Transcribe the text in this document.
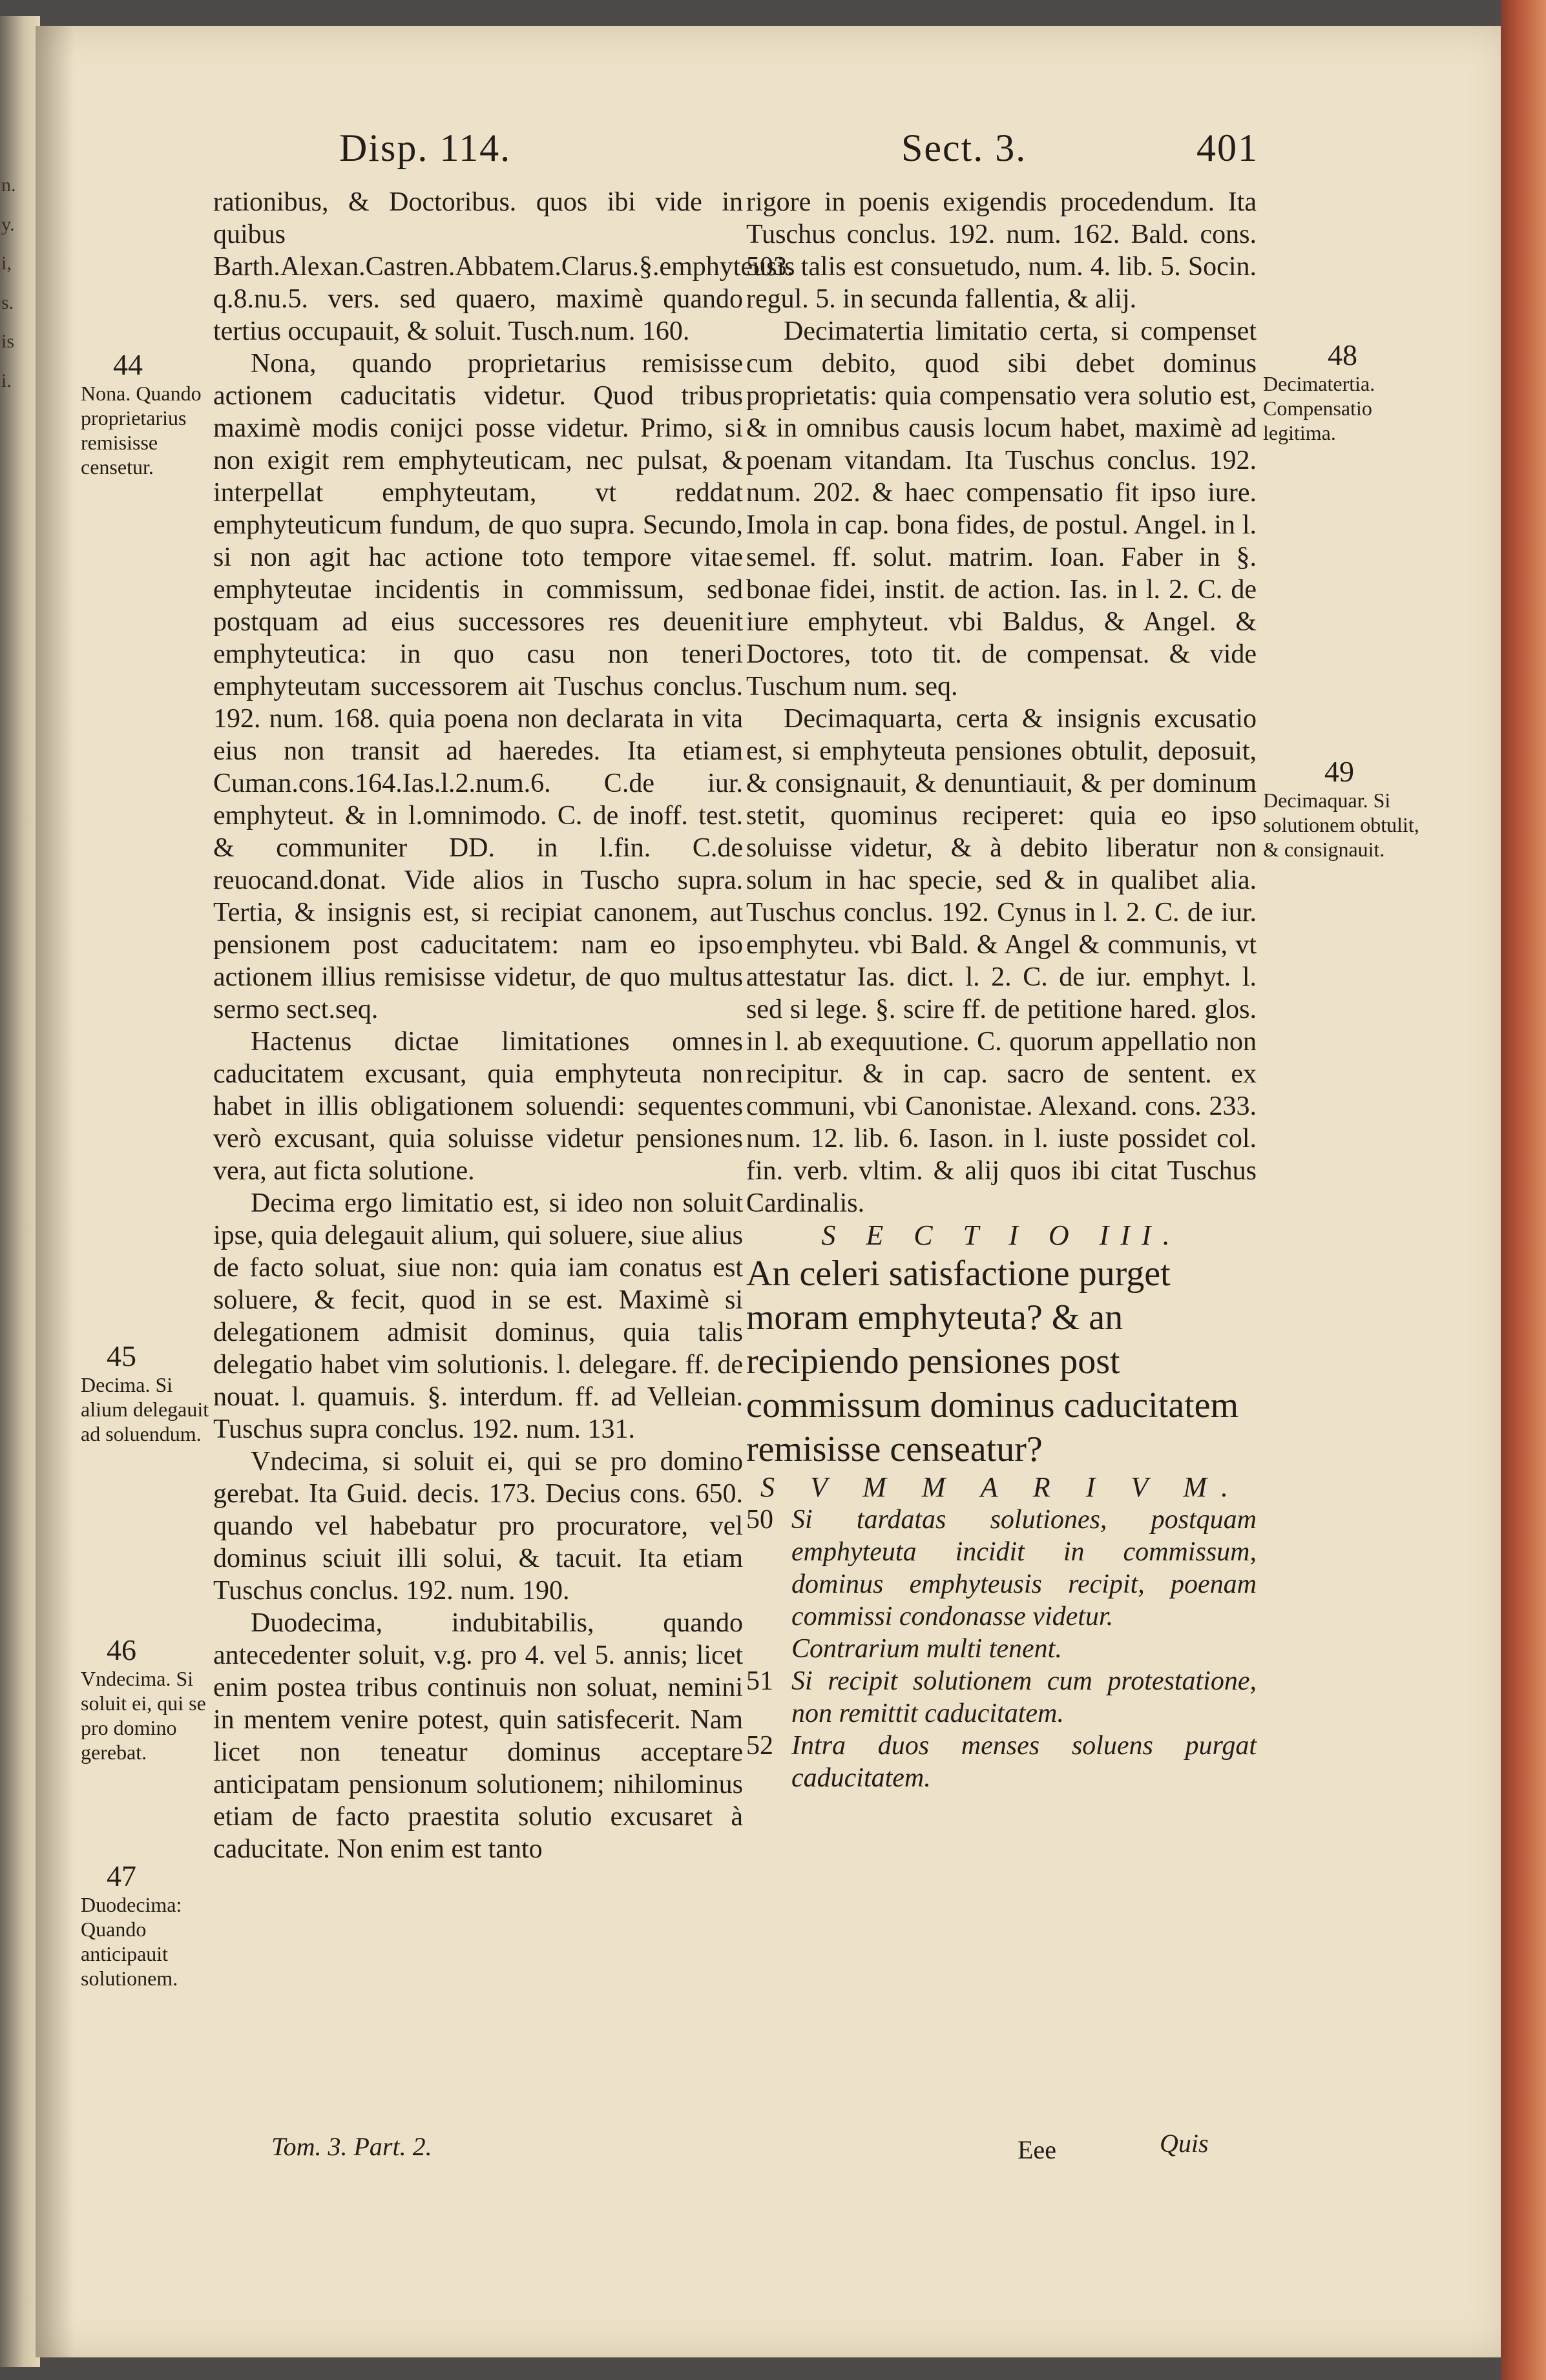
n.
y.
i,
s.
is
i.
Disp. 114.	Sect. 3.	401

rationibus, & Doctoribus. quos ibi vide in quibus Barth.Alexan.Castren.Abbatem.Clarus.§.emphyteusis q.8.nu.5. vers. sed quaero, maximè quando tertius occupauit, & soluit. Tusch.num. 160.

Nona, quando proprietarius remisisse actionem caducitatis videtur. Quod tribus maximè modis conijci posse videtur. Primo, si non exigit rem emphyteuticam, nec pulsat, & interpellat emphyteutam, vt reddat emphyteuticum fundum, de quo supra. Secundo, si non agit hac actione toto tempore vitae emphyteutae incidentis in commissum, sed postquam ad eius successores res deuenit emphyteutica: in quo casu non teneri emphyteutam successorem ait Tuschus conclus. 192. num. 168. quia poena non declarata in vita eius non transit ad haeredes. Ita etiam Cuman.cons.164.Ias.l.2.num.6. C.de iur. emphyteut. & in l.omnimodo. C. de inoff. test. & communiter DD. in l.fin. C.de reuocand.donat. Vide alios in Tuscho supra. Tertia, & insignis est, si recipiat canonem, aut pensionem post caducitatem: nam eo ipso actionem illius remisisse videtur, de quo multus sermo sect.seq.

Hactenus dictae limitationes omnes caducitatem excusant, quia emphyteuta non habet in illis obligationem soluendi: sequentes verò excusant, quia soluisse videtur pensiones vera, aut ficta solutione.

Decima ergo limitatio est, si ideo non soluit ipse, quia delegauit alium, qui soluere, siue alius de facto soluat, siue non: quia iam conatus est soluere, & fecit, quod in se est. Maximè si delegationem admisit dominus, quia talis delegatio habet vim solutionis. l. delegare. ff. de nouat. l. quamuis. §. interdum. ff. ad Velleian. Tuschus supra conclus. 192. num. 131.

Vndecima, si soluit ei, qui se pro domino gerebat. Ita Guid. decis. 173. Decius cons. 650. quando vel habebatur pro procuratore, vel dominus sciuit illi solui, & tacuit. Ita etiam Tuschus conclus. 192. num. 190.

Duodecima, indubitabilis, quando antecedenter soluit, v.g. pro 4. vel 5. annis; licet enim postea tribus continuis non soluat, nemini in mentem venire potest, quin satisfecerit. Nam licet non teneatur dominus acceptare anticipatam pensionum solutionem; nihilominus etiam de facto praestita solutio excusaret à caducitate. Non enim est tanto

rigore in poenis exigendis procedendum. Ita Tuschus conclus. 192. num. 162. Bald. cons. 503. talis est consuetudo, num. 4. lib. 5. Socin. regul. 5. in secunda fallentia, & alij.

Decimatertia limitatio certa, si compenset cum debito, quod sibi debet dominus proprietatis: quia compensatio vera solutio est, & in omnibus causis locum habet, maximè ad poenam vitandam. Ita Tuschus conclus. 192. num. 202. & haec compensatio fit ipso iure. Imola in cap. bona fides, de postul. Angel. in l. semel. ff. solut. matrim. Ioan. Faber in §. bonae fidei, instit. de action. Ias. in l. 2. C. de iure emphyteut. vbi Baldus, & Angel. & Doctores, toto tit. de compensat. & vide Tuschum num. seq.

Decimaquarta, certa & insignis excusatio est, si emphyteuta pensiones obtulit, deposuit, & consignauit, & denuntiauit, & per dominum stetit, quominus reciperet: quia eo ipso soluisse videtur, & à debito liberatur non solum in hac specie, sed & in qualibet alia. Tuschus conclus. 192. Cynus in l. 2. C. de iur. emphyteu. vbi Bald. & Angel & communis, vt attestatur Ias. dict. l. 2. C. de iur. emphyt. l. sed si lege. §. scire ff. de petitione hared. glos. in l. ab exequutione. C. quorum appellatio non recipitur. & in cap. sacro de sentent. ex communi, vbi Canonistae. Alexand. cons. 233. num. 12. lib. 6. Iason. in l. iuste possidet col. fin. verb. vltim. & alij quos ibi citat Tuschus Cardinalis.

S E C T I O III.

An celeri satisfactione purget moram emphyteuta? & an recipiendo pensiones post commissum dominus caducitatem remisisse censeatur?

S V M M A R I V M.

50 Si tardatas solutiones, postquam emphyteuta incidit in commissum, dominus emphyteusis recipit, poenam commissi condonasse videtur.

Contrarium multi tenent.

51 Si recipit solutionem cum protestatione, non remittit caducitatem.

52 Intra duos menses soluens purgat caducitatem.

44
Nona. Quando proprietarius remisisse censetur.
45
Decima. Si alium delegauit ad soluendum.
46
Vndecima. Si soluit ei, qui se pro domino gerebat.
47
Duodecima: Quando anticipauit solutionem.
48
Decimatertia. Compensatio legitima.
49
Decimaquar. Si solutionem obtulit, & consignauit.
Tom. 3. Part. 2.	Eee	Quis
